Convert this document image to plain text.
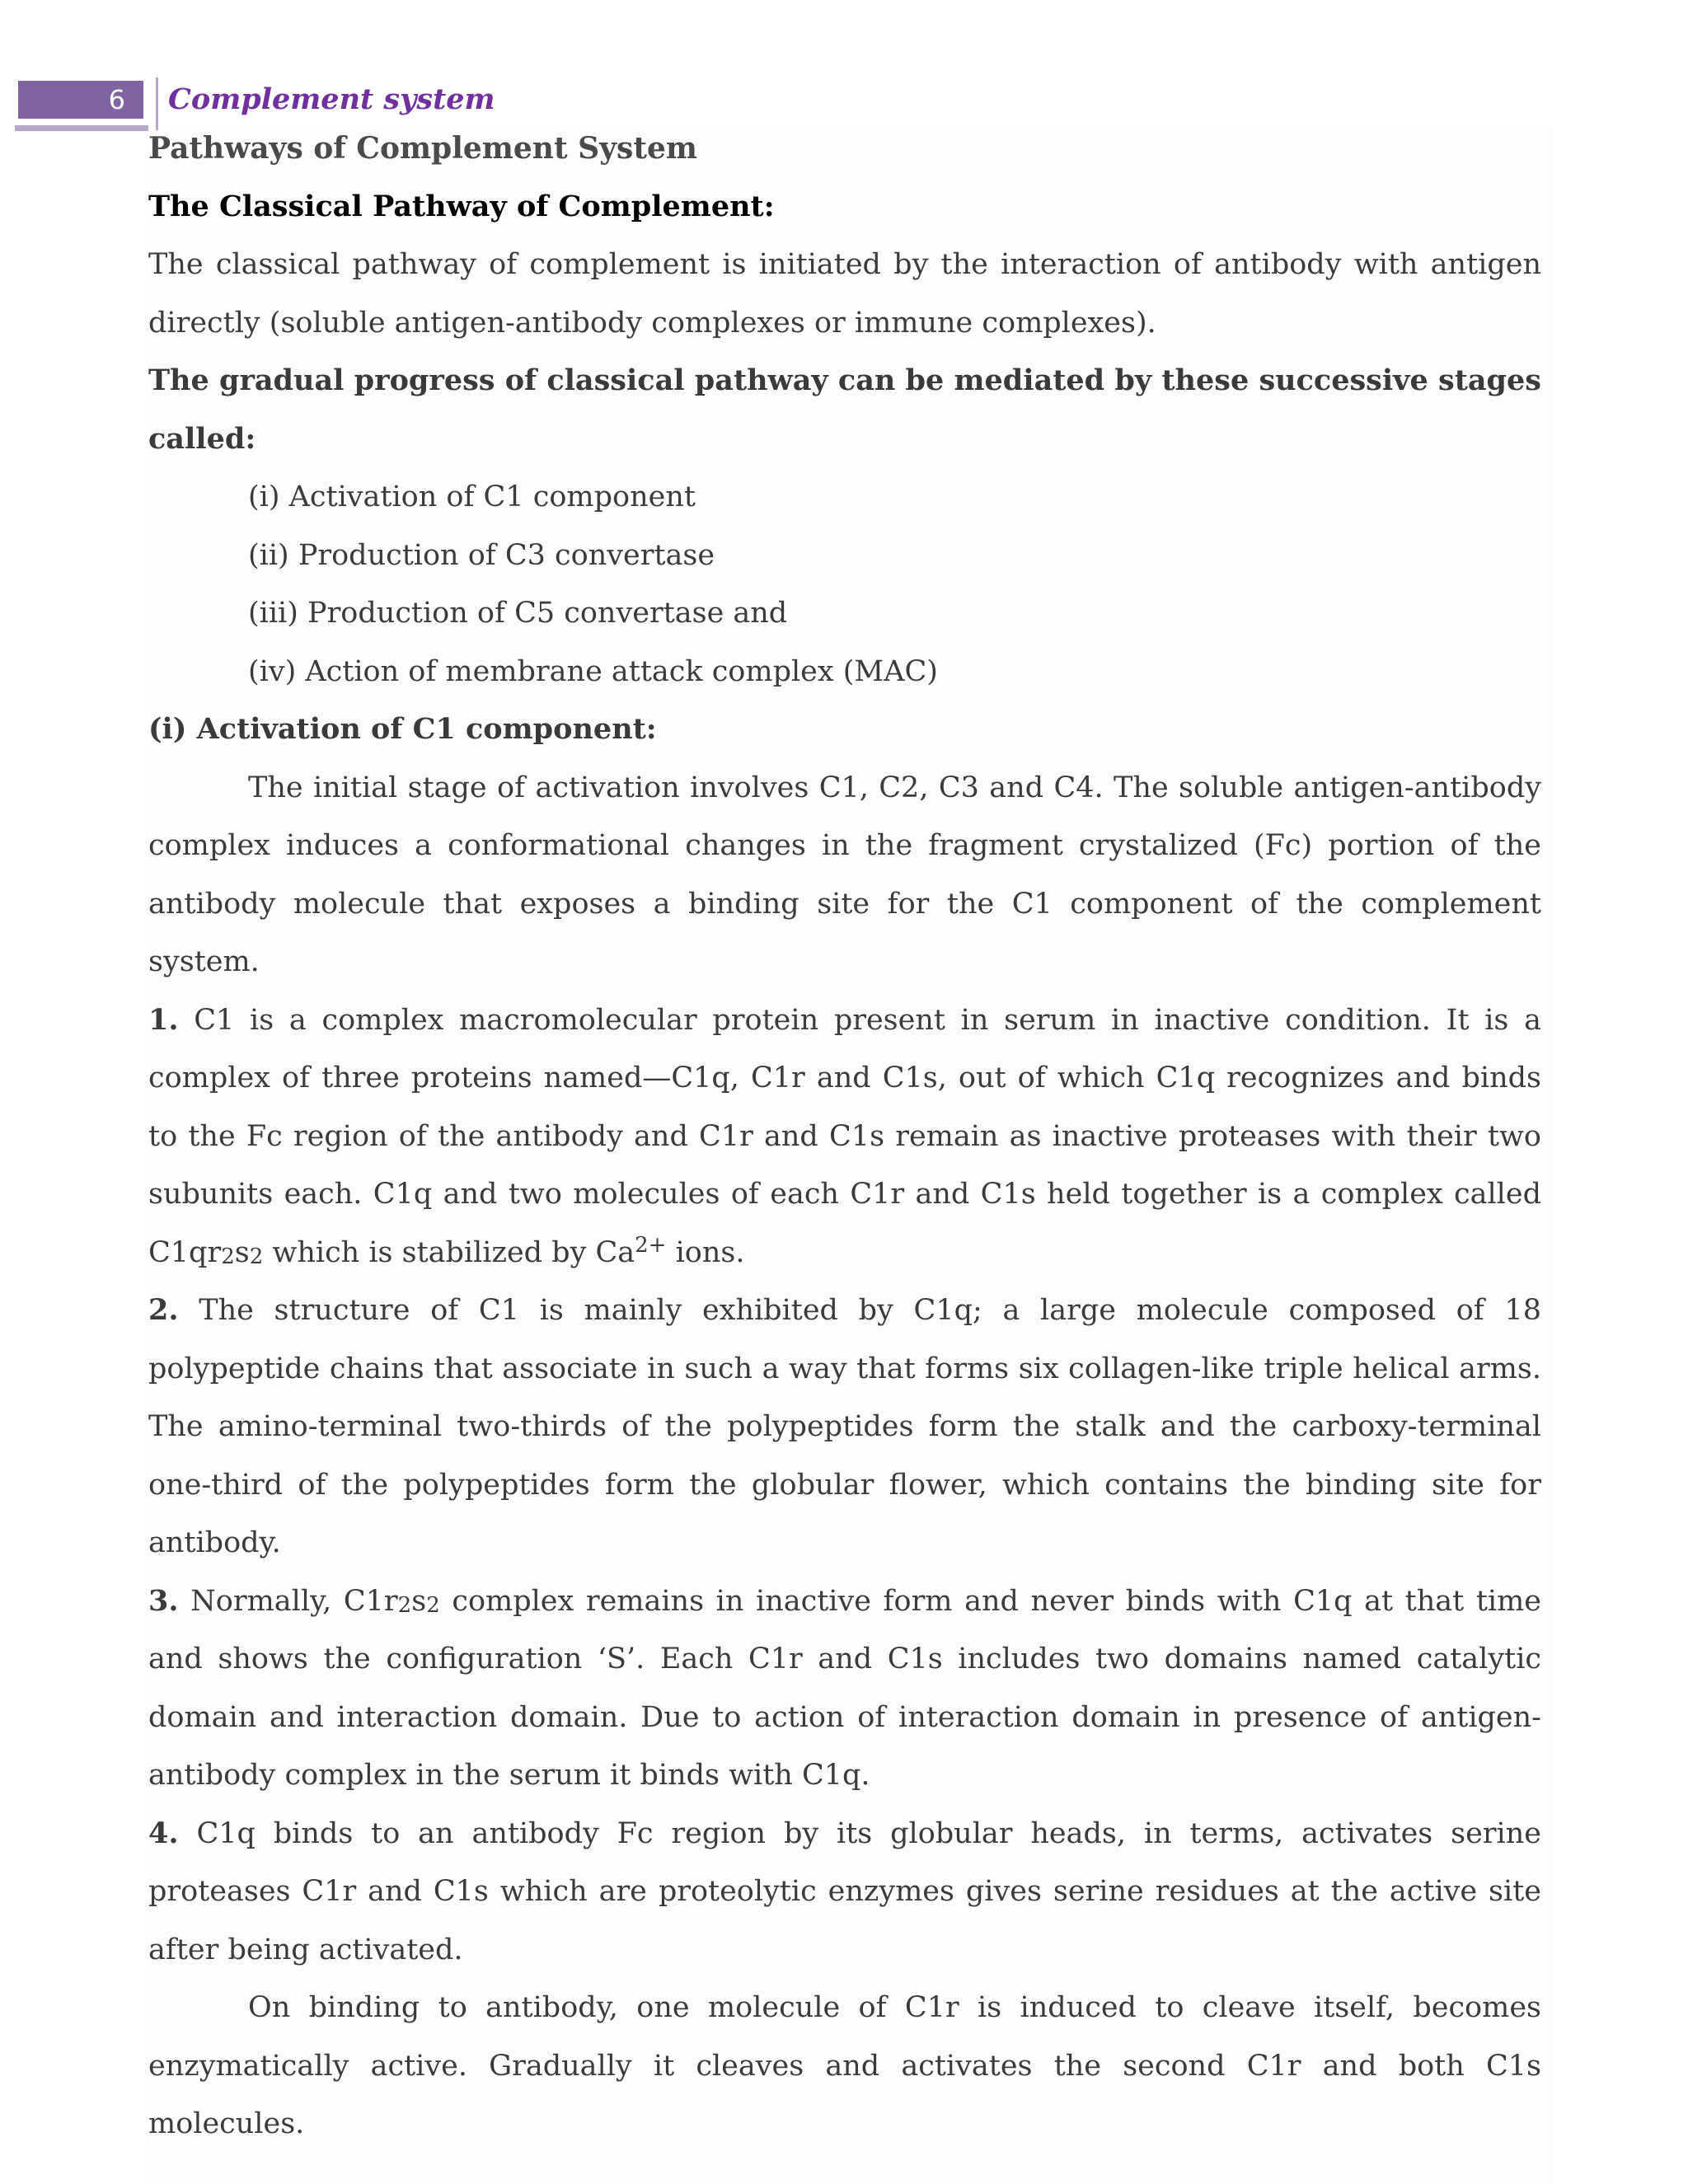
6	Complement system

Pathways of Complement System

The Classical Pathway of Complement:

The classical pathway of complement is initiated by the interaction of antibody with antigen directly (soluble antigen-antibody complexes or immune complexes).

The gradual progress of classical pathway can be mediated by these successive stages called:

(i) Activation of C1 component

(ii) Production of C3 convertase

(iii) Production of C5 convertase and

(iv) Action of membrane attack complex (MAC)

(i) Activation of C1 component:

The initial stage of activation involves C1, C2, C3 and C4. The soluble antigen-antibody complex induces a conformational changes in the fragment crystalized (Fc) portion of the antibody molecule that exposes a binding site for the C1 component of the complement system.

1. C1 is a complex macromolecular protein present in serum in inactive condition. It is a complex of three proteins named—C1q, C1r and C1s, out of which C1q recognizes and binds to the Fc region of the antibody and C1r and C1s remain as inactive proteases with their two subunits each. C1q and two molecules of each C1r and C1s held together is a complex called C1qr2s2 which is stabilized by $Ca^{2+}$ ions.

2. The structure of C1 is mainly exhibited by C1q; a large molecule composed of 18 polypeptide chains that associate in such a way that forms six collagen-like triple helical arms. The amino-terminal two-thirds of the polypeptides form the stalk and the carboxy-terminal one-third of the polypeptides form the globular flower, which contains the binding site for antibody.

3. Normally, C1r2s2 complex remains in inactive form and never binds with C1q at that time and shows the configuration ‘S’. Each C1r and C1s includes two domains named catalytic domain and interaction domain. Due to action of interaction domain in presence of antigen- antibody complex in the serum it binds with C1q.

4. C1q binds to an antibody Fc region by its globular heads, in terms, activates serine proteases C1r and C1s which are proteolytic enzymes gives serine residues at the active site after being activated.

On binding to antibody, one molecule of C1r is induced to cleave itself, becomes enzymatically active. Gradually it cleaves and activates the second C1r and both C1s molecules.
